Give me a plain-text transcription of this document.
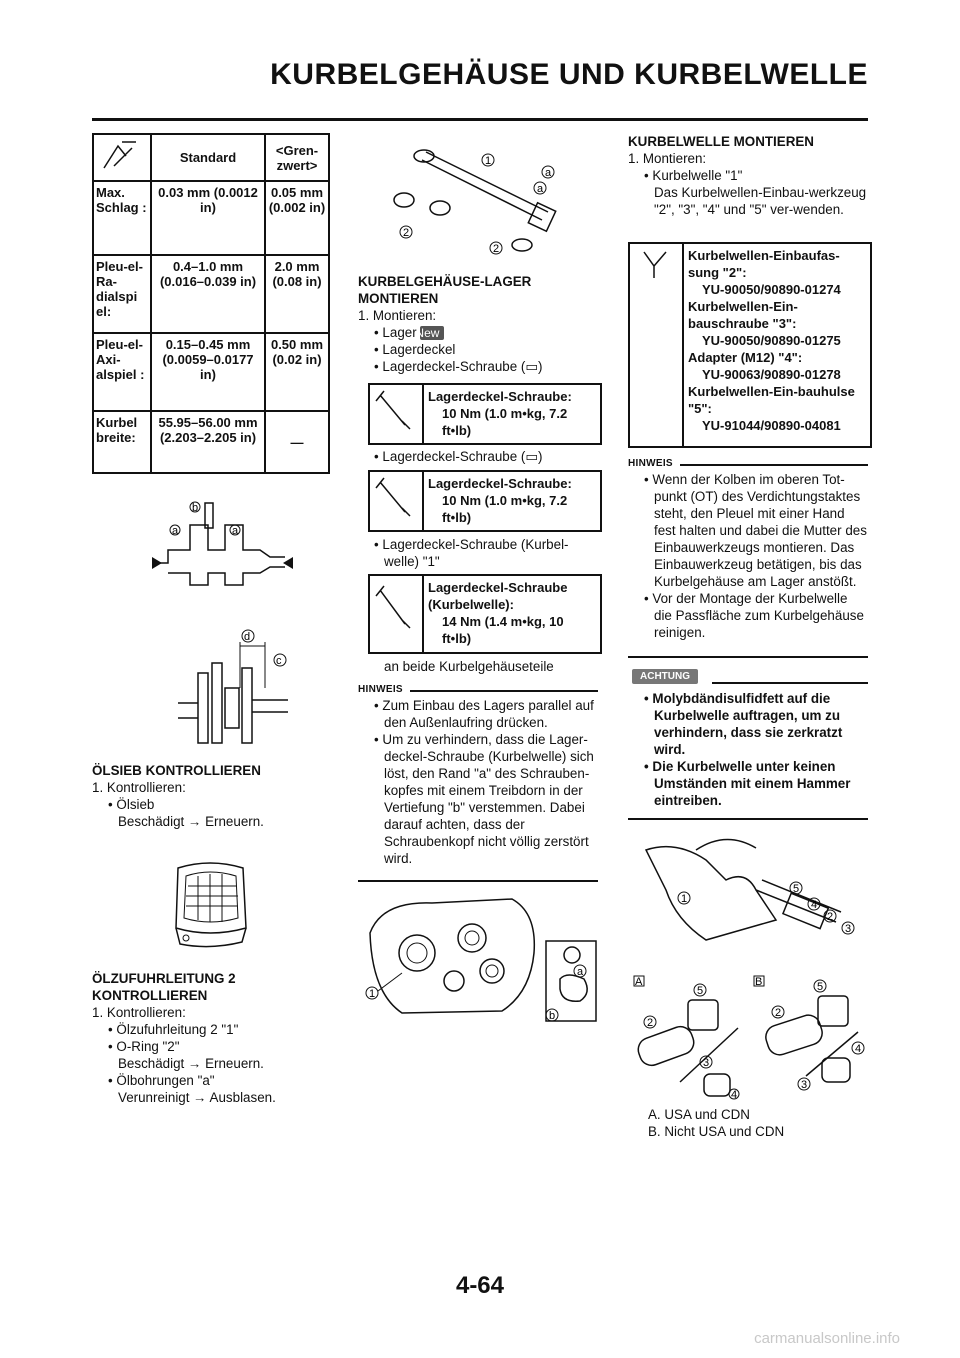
KURBELGEHÄUSE UND KURBELWELLE
	Standard	<Gren-zwert>
Max. Schlag :	0.03 mm (0.0012 in)	0.05 mm (0.002 in)
Pleu-el- Ra-dialspi el:	0.4–1.0 mm (0.016–0.039 in)	2.0 mm (0.08 in)
Pleu-el- Axi-alspiel :	0.15–0.45 mm (0.0059–0.0177 in)	0.50 mm (0.02 in)
Kurbel breite:	55.95–56.00 mm (2.203–2.205 in)	—
a	a
b
d
c
ÖLSIEB KONTROLLIEREN
1. Kontrollieren:
• Ölsieb
Beschädigt → Erneuern.
ÖLZUFUHRLEITUNG 2 KONTROLLIEREN
1. Kontrollieren:
• Ölzufuhrleitung 2 "1"
• O-Ring "2"
Beschädigt → Erneuern.
• Ölbohrungen "a"
Verunreinigt → Ausblasen.
1
2
2
a
a
KURBELGEHÄUSE-LAGER MONTIEREN
1. Montieren:
• Lager New
• Lagerdeckel
• Lagerdeckel-Schraube (▭)
Lagerdeckel-Schraube:
10 Nm (1.0 m•kg, 7.2 ft•lb)
• Lagerdeckel-Schraube (▭)
Lagerdeckel-Schraube:
10 Nm (1.0 m•kg, 7.2 ft•lb)
• Lagerdeckel-Schraube (Kurbel-welle) "1"
Lagerdeckel-Schraube (Kurbelwelle):
14 Nm (1.4 m•kg, 10 ft•lb)
an beide Kurbelgehäuseteile
HINWEIS
• Zum Einbau des Lagers parallel auf den Außenlaufring drücken.
• Um zu verhindern, dass die Lager-deckel-Schraube (Kurbelwelle) sich löst, den Rand "a" des Schrauben-kopfes mit einem Treibdorn in der Vertiefung "b" verstemmen. Dabei darauf achten, dass der Schraubenkopf nicht völlig zerstört wird.
1
a
b
KURBELWELLE MONTIEREN
1. Montieren:
• Kurbelwelle "1"
Das Kurbelwellen-Einbau-werkzeug "2", "3", "4" und "5" ver-wenden.
Kurbelwellen-Einbaufas-sung "2":
YU-90050/90890-01274
Kurbelwellen-Ein-bauschraube "3":
YU-90050/90890-01275
Adapter (M12) "4":
YU-90063/90890-01278
Kurbelwellen-Ein-bauhulse "5":
YU-91044/90890-04081
HINWEIS
• Wenn der Kolben im oberen Tot-punkt (OT) des Verdichtungstaktes steht, den Pleuel mit einer Hand fest halten und dabei die Mutter des Einbauwerkzeugs montieren. Das Einbauwerkzeug betätigen, bis das Kurbelgehäuse am Lager anstößt.
• Vor der Montage der Kurbelwelle die Passfläche zum Kurbelgehäuse reinigen.
ACHTUNG
• Molybdändisulfidfett auf die Kurbelwelle auftragen, um zu verhindern, dass sie zerkratzt wird.
• Die Kurbelwelle unter keinen Umständen mit einem Hammer eintreiben.
1
5
4
2
3
A
5
2
3
4
B	5
2
4
3
A. USA und CDN
B. Nicht USA und CDN
4-64
carmanualsonline.info
